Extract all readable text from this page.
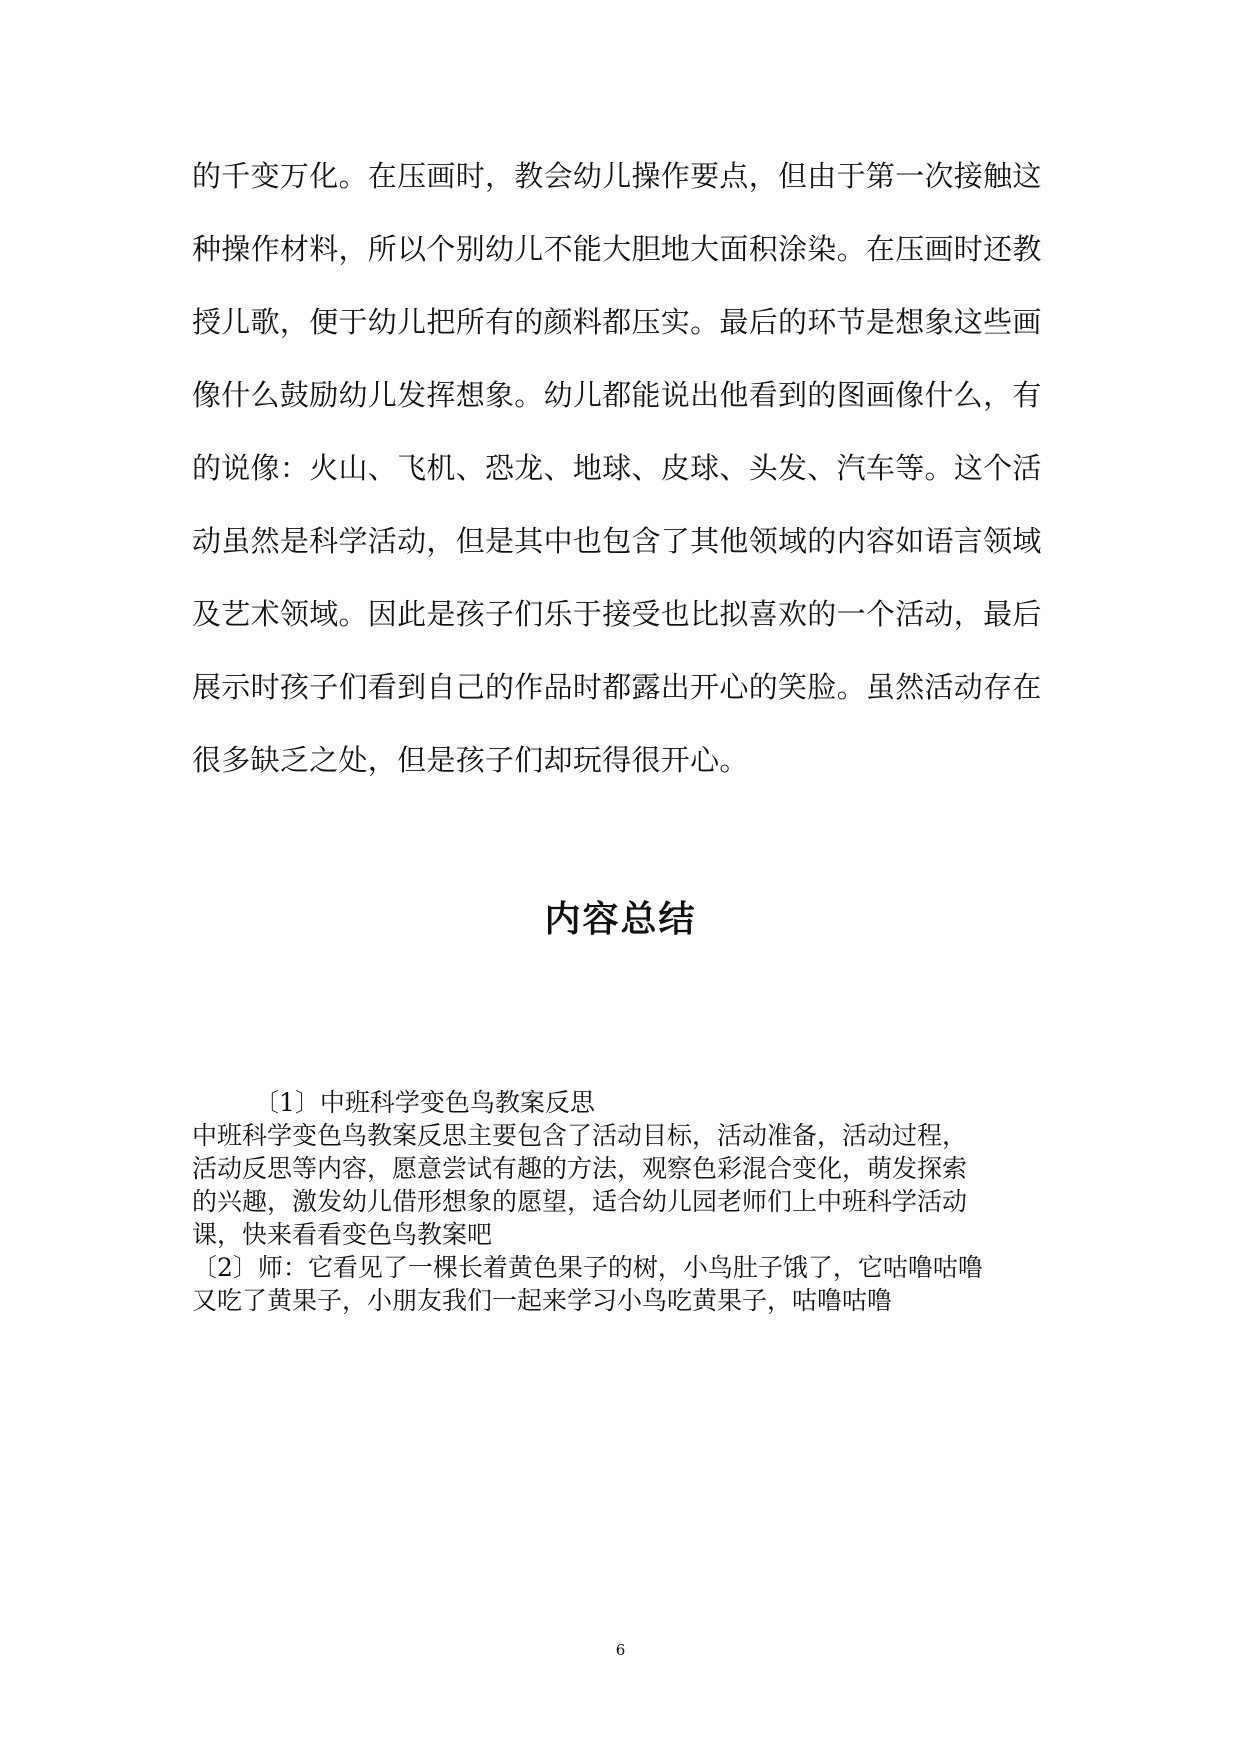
的千变万化。在压画时，教会幼儿操作要点，但由于第一次接触这
种操作材料，所以个别幼儿不能大胆地大面积涂染。在压画时还教
授儿歌，便于幼儿把所有的颜料都压实。最后的环节是想象这些画
像什么鼓励幼儿发挥想象。幼儿都能说出他看到的图画像什么，有
的说像：火山、飞机、恐龙、地球、皮球、头发、汽车等。这个活
动虽然是科学活动，但是其中也包含了其他领域的内容如语言领域
及艺术领域。因此是孩子们乐于接受也比拟喜欢的一个活动，最后
展示时孩子们看到自己的作品时都露出开心的笑脸。虽然活动存在
很多缺乏之处，但是孩子们却玩得很开心。
内容总结
〔1〕中班科学变色鸟教案反思
中班科学变色鸟教案反思主要包含了活动目标，活动准备，活动过程，
活动反思等内容，愿意尝试有趣的方法，观察色彩混合变化，萌发探索
的兴趣，激发幼儿借形想象的愿望，适合幼儿园老师们上中班科学活动
课，快来看看变色鸟教案吧
〔2〕师：它看见了一棵长着黄色果子的树，小鸟肚子饿了，它咕噜咕噜
又吃了黄果子，小朋友我们一起来学习小鸟吃黄果子，咕噜咕噜
6
